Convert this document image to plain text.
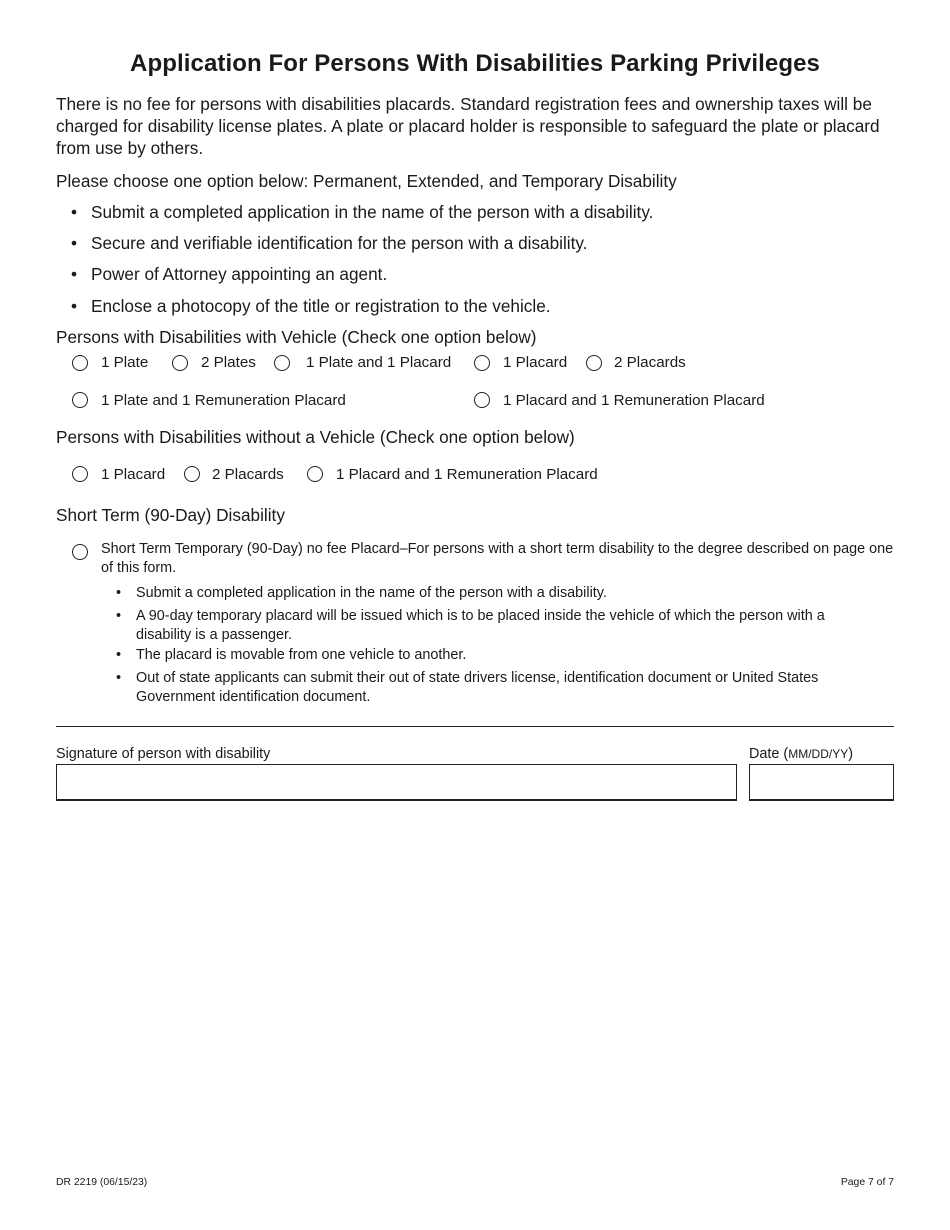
Application For Persons With Disabilities Parking Privileges
There is no fee for persons with disabilities placards. Standard registration fees and ownership taxes will be charged for disability license plates. A plate or placard holder is responsible to safeguard the plate or placard from use by others.
Please choose one option below: Permanent, Extended, and Temporary Disability
• Submit a completed application in the name of the person with a disability.
• Secure and verifiable identification for the person with a disability.
• Power of Attorney appointing an agent.
• Enclose a photocopy of the title or registration to the vehicle.
Persons with Disabilities with Vehicle (Check one option below)
1 Plate	2 Plates	1 Plate and 1 Placard	1 Placard	2 Placards
1 Plate and 1 Remuneration Placard	1 Placard and 1 Remuneration Placard
Persons with Disabilities without a Vehicle (Check one option below)
1 Placard	2 Placards	1 Placard and 1 Remuneration Placard
Short Term (90-Day) Disability
Short Term Temporary (90-Day) no fee Placard–For persons with a short term disability to the degree described on page one of this form.
• Submit a completed application in the name of the person with a disability.
• A 90-day temporary placard will be issued which is to be placed inside the vehicle of which the person with a disability is a passenger.
• The placard is movable from one vehicle to another.
• Out of state applicants can submit their out of state drivers license, identification document or United States Government identification document.
Signature of person with disability	Date (MM/DD/YY)
DR 2219 (06/15/23)	Page 7 of 7
